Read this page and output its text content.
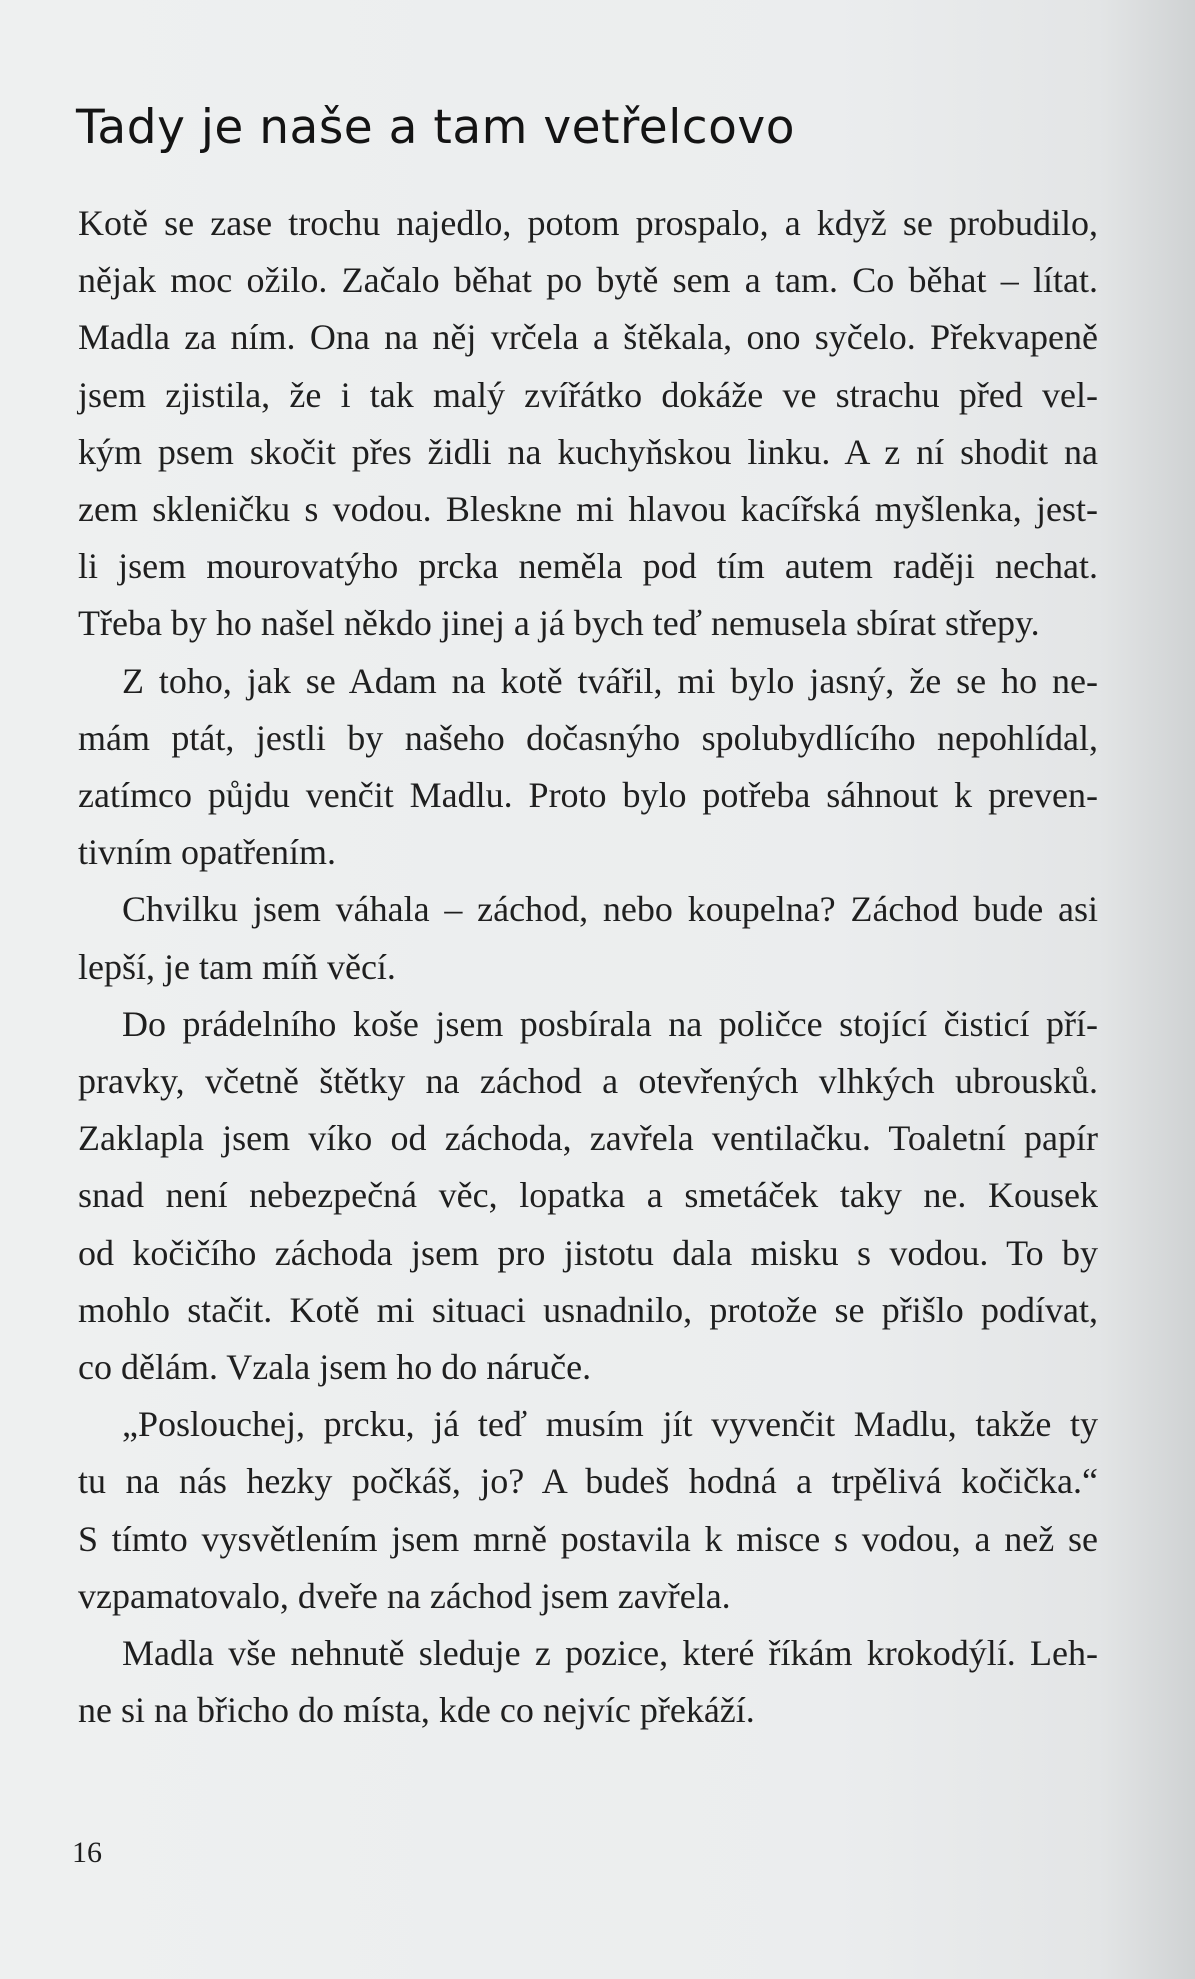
Tady je naše a tam vetřelcovo
Kotě se zase trochu najedlo, potom prospalo, a když se probudilo,
nějak moc ožilo. Začalo běhat po bytě sem a tam. Co běhat – lítat.
Madla za ním. Ona na něj vrčela a štěkala, ono syčelo. Překvapeně
jsem zjistila, že i tak malý zvířátko dokáže ve strachu před vel-
kým psem skočit přes židli na kuchyňskou linku. A z ní shodit na
zem skleničku s vodou. Bleskne mi hlavou kacířská myšlenka, jest-
li jsem mourovatýho prcka neměla pod tím autem raději nechat.
Třeba by ho našel někdo jinej a já bych teď nemusela sbírat střepy.
Z toho, jak se Adam na kotě tvářil, mi bylo jasný, že se ho ne-
mám ptát, jestli by našeho dočasnýho spolubydlícího nepohlídal,
zatímco půjdu venčit Madlu. Proto bylo potřeba sáhnout k preven-
tivním opatřením.
Chvilku jsem váhala – záchod, nebo koupelna? Záchod bude asi
lepší, je tam míň věcí.
Do prádelního koše jsem posbírala na poličce stojící čisticí pří-
pravky, včetně štětky na záchod a otevřených vlhkých ubrousků.
Zaklapla jsem víko od záchoda, zavřela ventilačku. Toaletní papír
snad není nebezpečná věc, lopatka a smetáček taky ne. Kousek
od kočičího záchoda jsem pro jistotu dala misku s vodou. To by
mohlo stačit. Kotě mi situaci usnadnilo, protože se přišlo podívat,
co dělám. Vzala jsem ho do náruče.
„Poslouchej, prcku, já teď musím jít vyvenčit Madlu, takže ty
tu na nás hezky počkáš, jo? A budeš hodná a trpělivá kočička.“
S tímto vysvětlením jsem mrně postavila k misce s vodou, a než se
vzpamatovalo, dveře na záchod jsem zavřela.
Madla vše nehnutě sleduje z pozice, které říkám krokodýlí. Leh-
ne si na břicho do místa, kde co nejvíc překáží.
16
